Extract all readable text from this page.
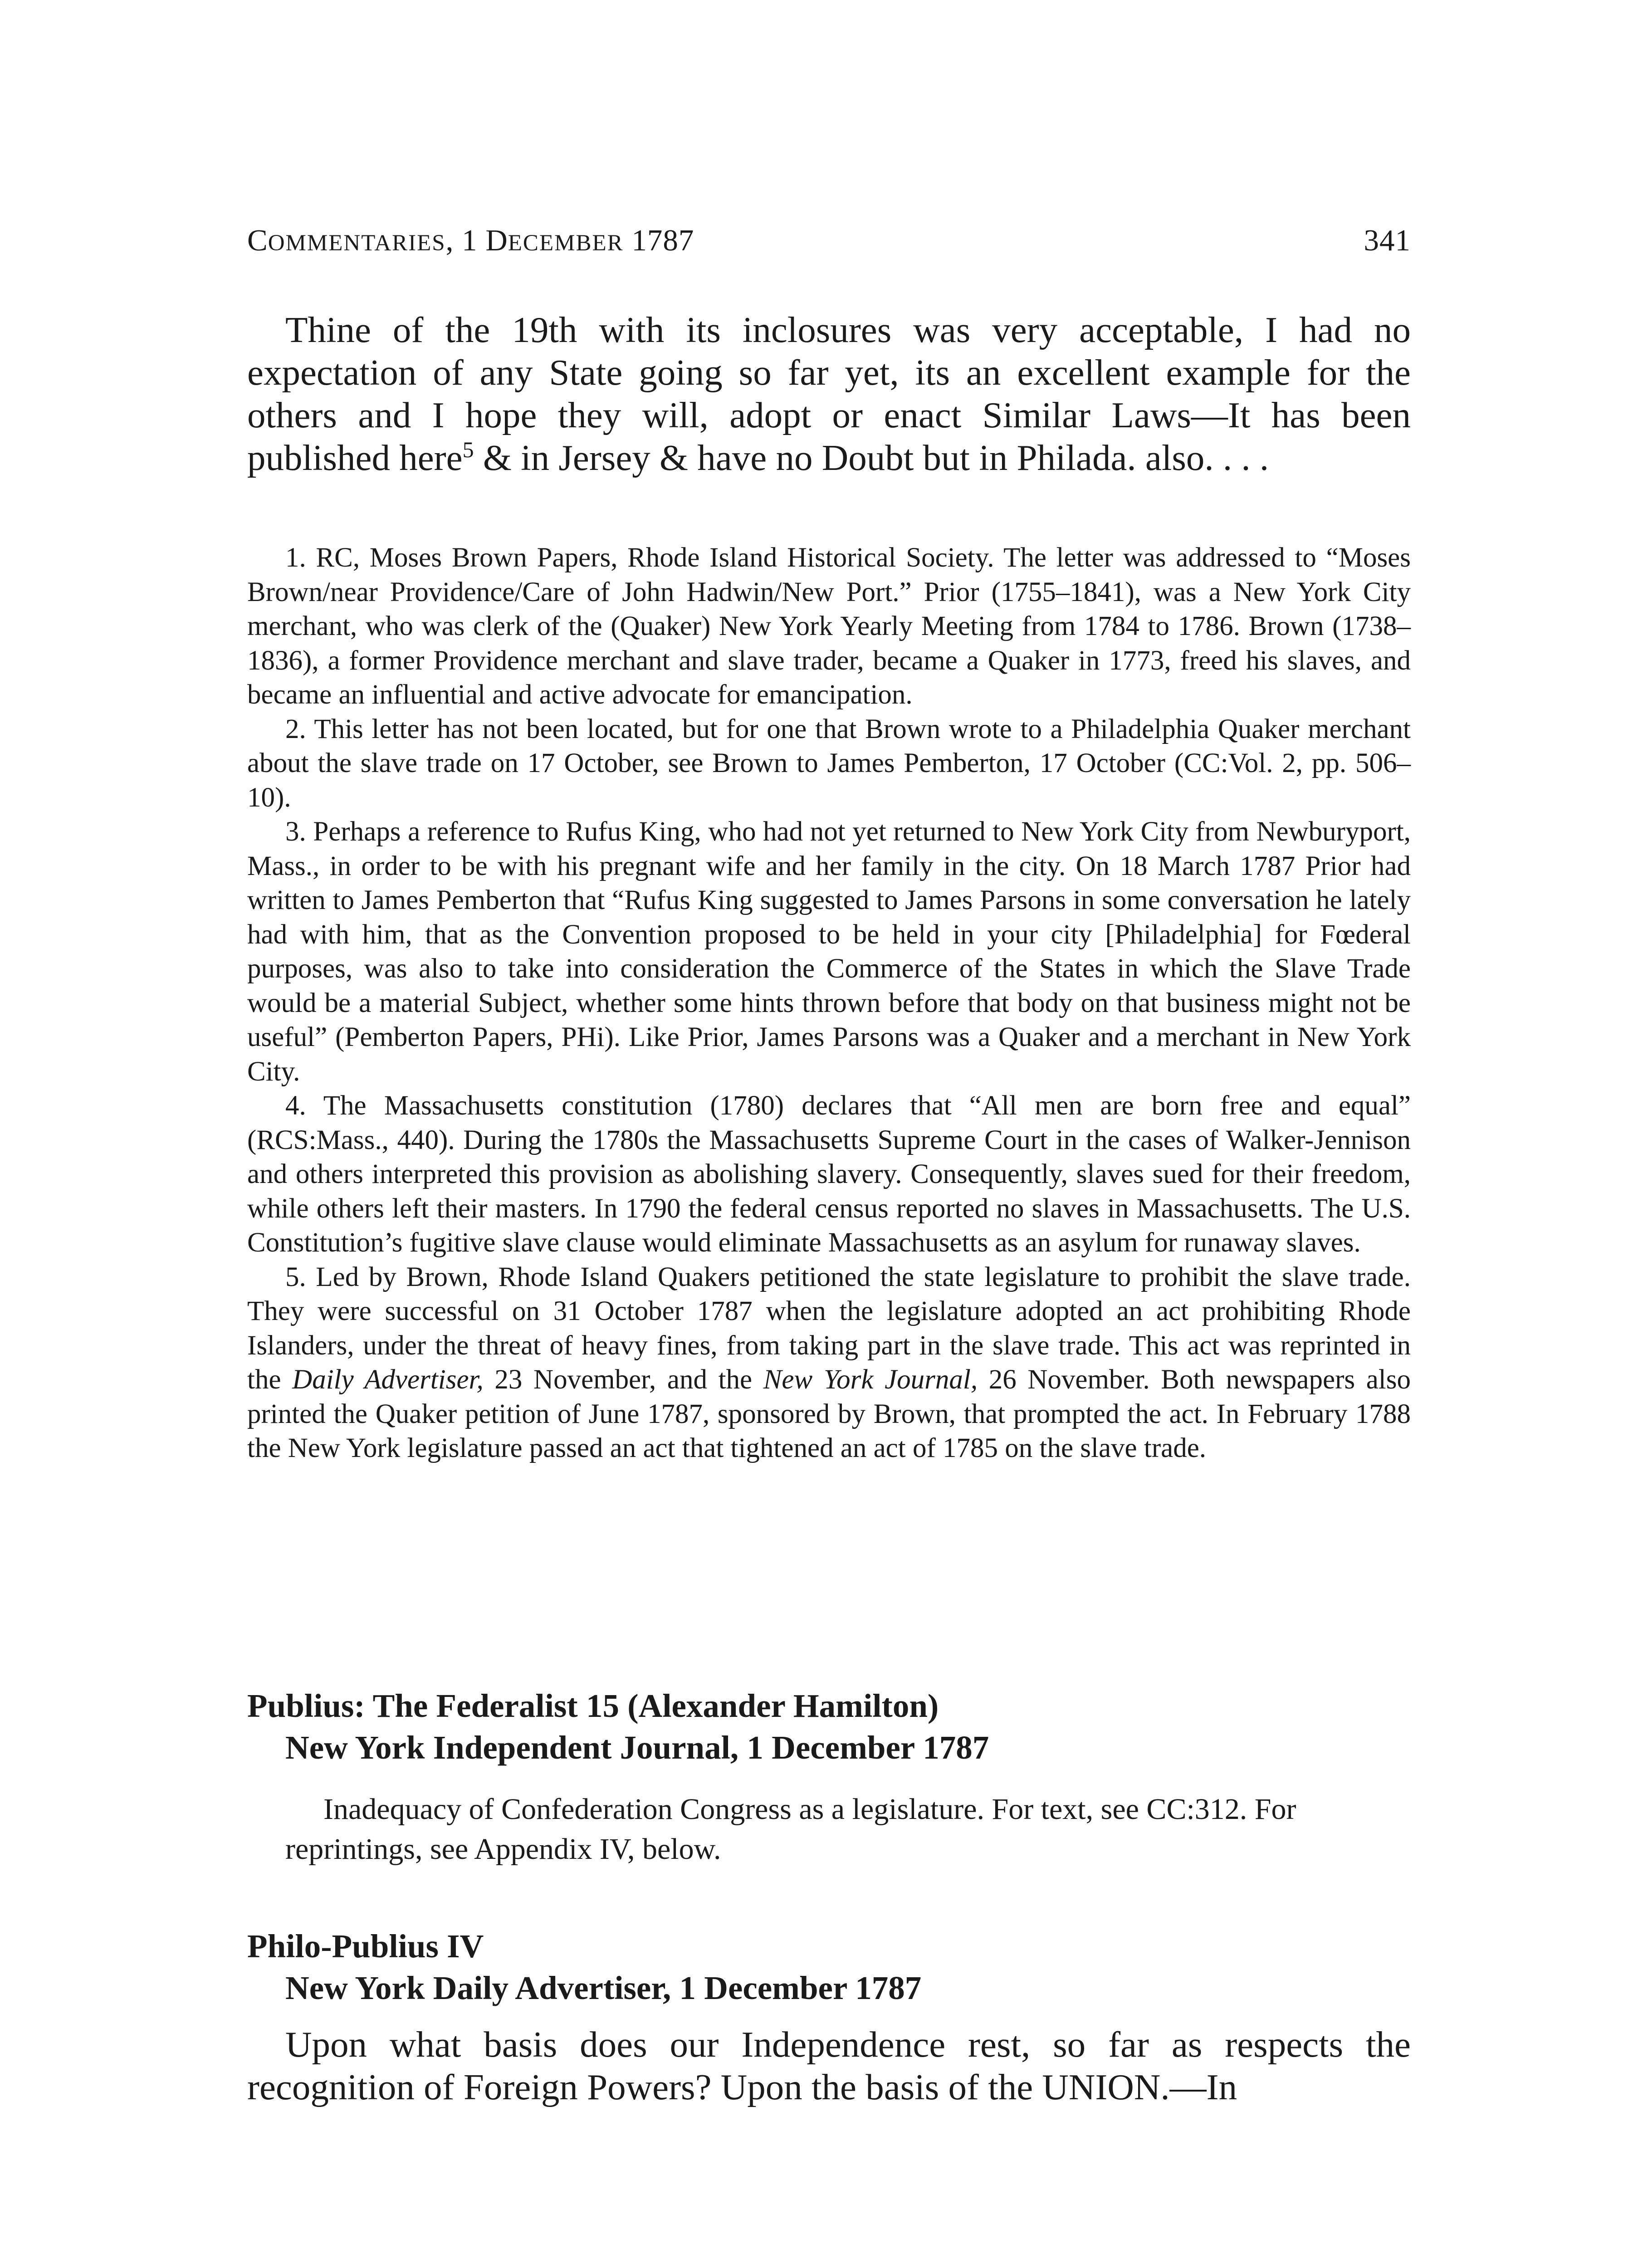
COMMENTARIES, 1 DECEMBER 1787	341

Thine of the 19th with its inclosures was very acceptable, I had no expectation of any State going so far yet, its an excellent example for the others and I hope they will, adopt or enact Similar Laws—It has been published here$^5$ & in Jersey & have no Doubt but in Philada. also. . . .

1. RC, Moses Brown Papers, Rhode Island Historical Society. The letter was addressed to “Moses Brown/near Providence/Care of John Hadwin/New Port.” Prior (1755–1841), was a New York City merchant, who was clerk of the (Quaker) New York Yearly Meeting from 1784 to 1786. Brown (1738–1836), a former Providence merchant and slave trader, became a Quaker in 1773, freed his slaves, and became an influential and active advocate for emancipation.

2. This letter has not been located, but for one that Brown wrote to a Philadelphia Quaker merchant about the slave trade on 17 October, see Brown to James Pemberton, 17 October (CC:Vol. 2, pp. 506–10).

3. Perhaps a reference to Rufus King, who had not yet returned to New York City from Newburyport, Mass., in order to be with his pregnant wife and her family in the city. On 18 March 1787 Prior had written to James Pemberton that “Rufus King suggested to James Parsons in some conversation he lately had with him, that as the Convention proposed to be held in your city [Philadelphia] for Fœderal purposes, was also to take into consideration the Commerce of the States in which the Slave Trade would be a material Subject, whether some hints thrown before that body on that business might not be useful” (Pemberton Papers, PHi). Like Prior, James Parsons was a Quaker and a merchant in New York City.

4. The Massachusetts constitution (1780) declares that “All men are born free and equal” (RCS:Mass., 440). During the 1780s the Massachusetts Supreme Court in the cases of Walker-Jennison and others interpreted this provision as abolishing slavery. Consequently, slaves sued for their freedom, while others left their masters. In 1790 the federal census reported no slaves in Massachusetts. The U.S. Constitution’s fugitive slave clause would eliminate Massachusetts as an asylum for runaway slaves.

5. Led by Brown, Rhode Island Quakers petitioned the state legislature to prohibit the slave trade. They were successful on 31 October 1787 when the legislature adopted an act prohibiting Rhode Islanders, under the threat of heavy fines, from taking part in the slave trade. This act was reprinted in the Daily Advertiser, 23 November, and the New York Journal, 26 November. Both newspapers also printed the Quaker petition of June 1787, sponsored by Brown, that prompted the act. In February 1788 the New York legislature passed an act that tightened an act of 1785 on the slave trade.

Publius: The Federalist 15 (Alexander Hamilton)
New York Independent Journal, 1 December 1787

Inadequacy of Confederation Congress as a legislature. For text, see CC:312. For reprintings, see Appendix IV, below.

Philo-Publius IV
New York Daily Advertiser, 1 December 1787

Upon what basis does our Independence rest, so far as respects the recognition of Foreign Powers? Upon the basis of the UNION.—In
